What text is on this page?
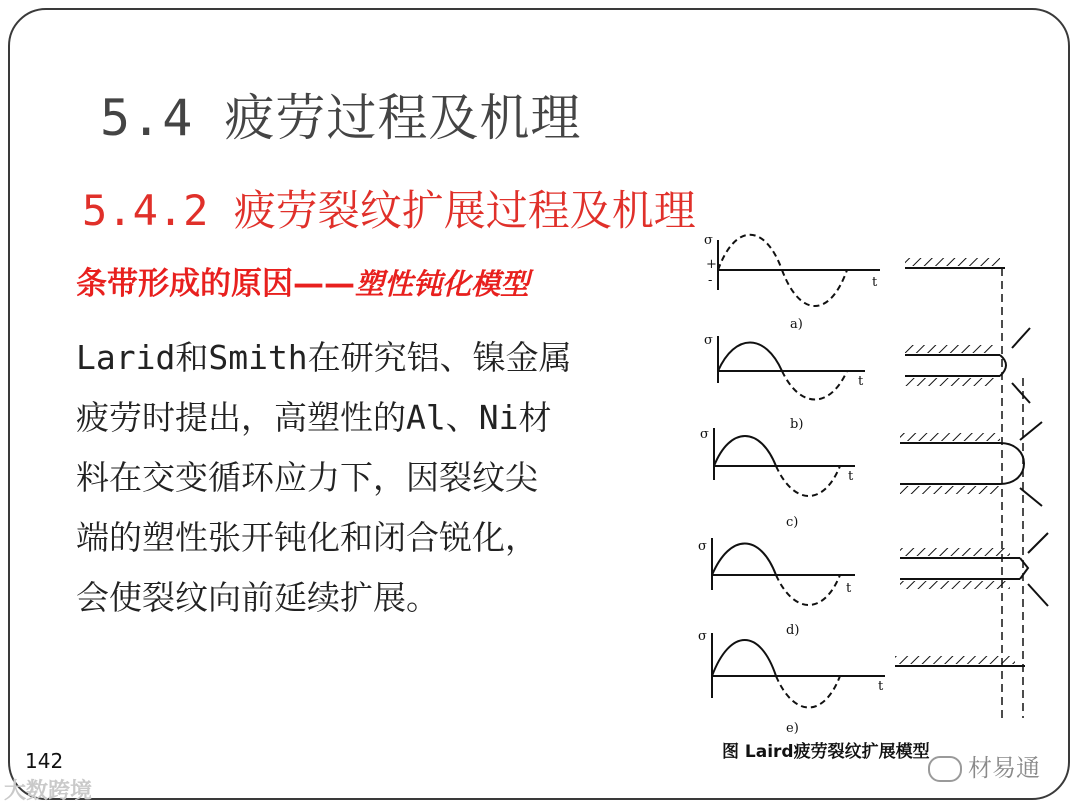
5.4 疲劳过程及机理
5.4.2 疲劳裂纹扩展过程及机理
条带形成的原因——塑性钝化模型
Larid和Smith在研究铝、镍金属
疲劳时提出，高塑性的Al、Ni材
料在交变循环应力下，因裂纹尖
端的塑性张开钝化和闭合锐化，
会使裂纹向前延续扩展。
σ
+
-	t
a)
σ
t
b)
σ
t
c)
σ
t
d)
σ
t
e)
图 Laird疲劳裂纹扩展模型
142
大数跨境
材易通
